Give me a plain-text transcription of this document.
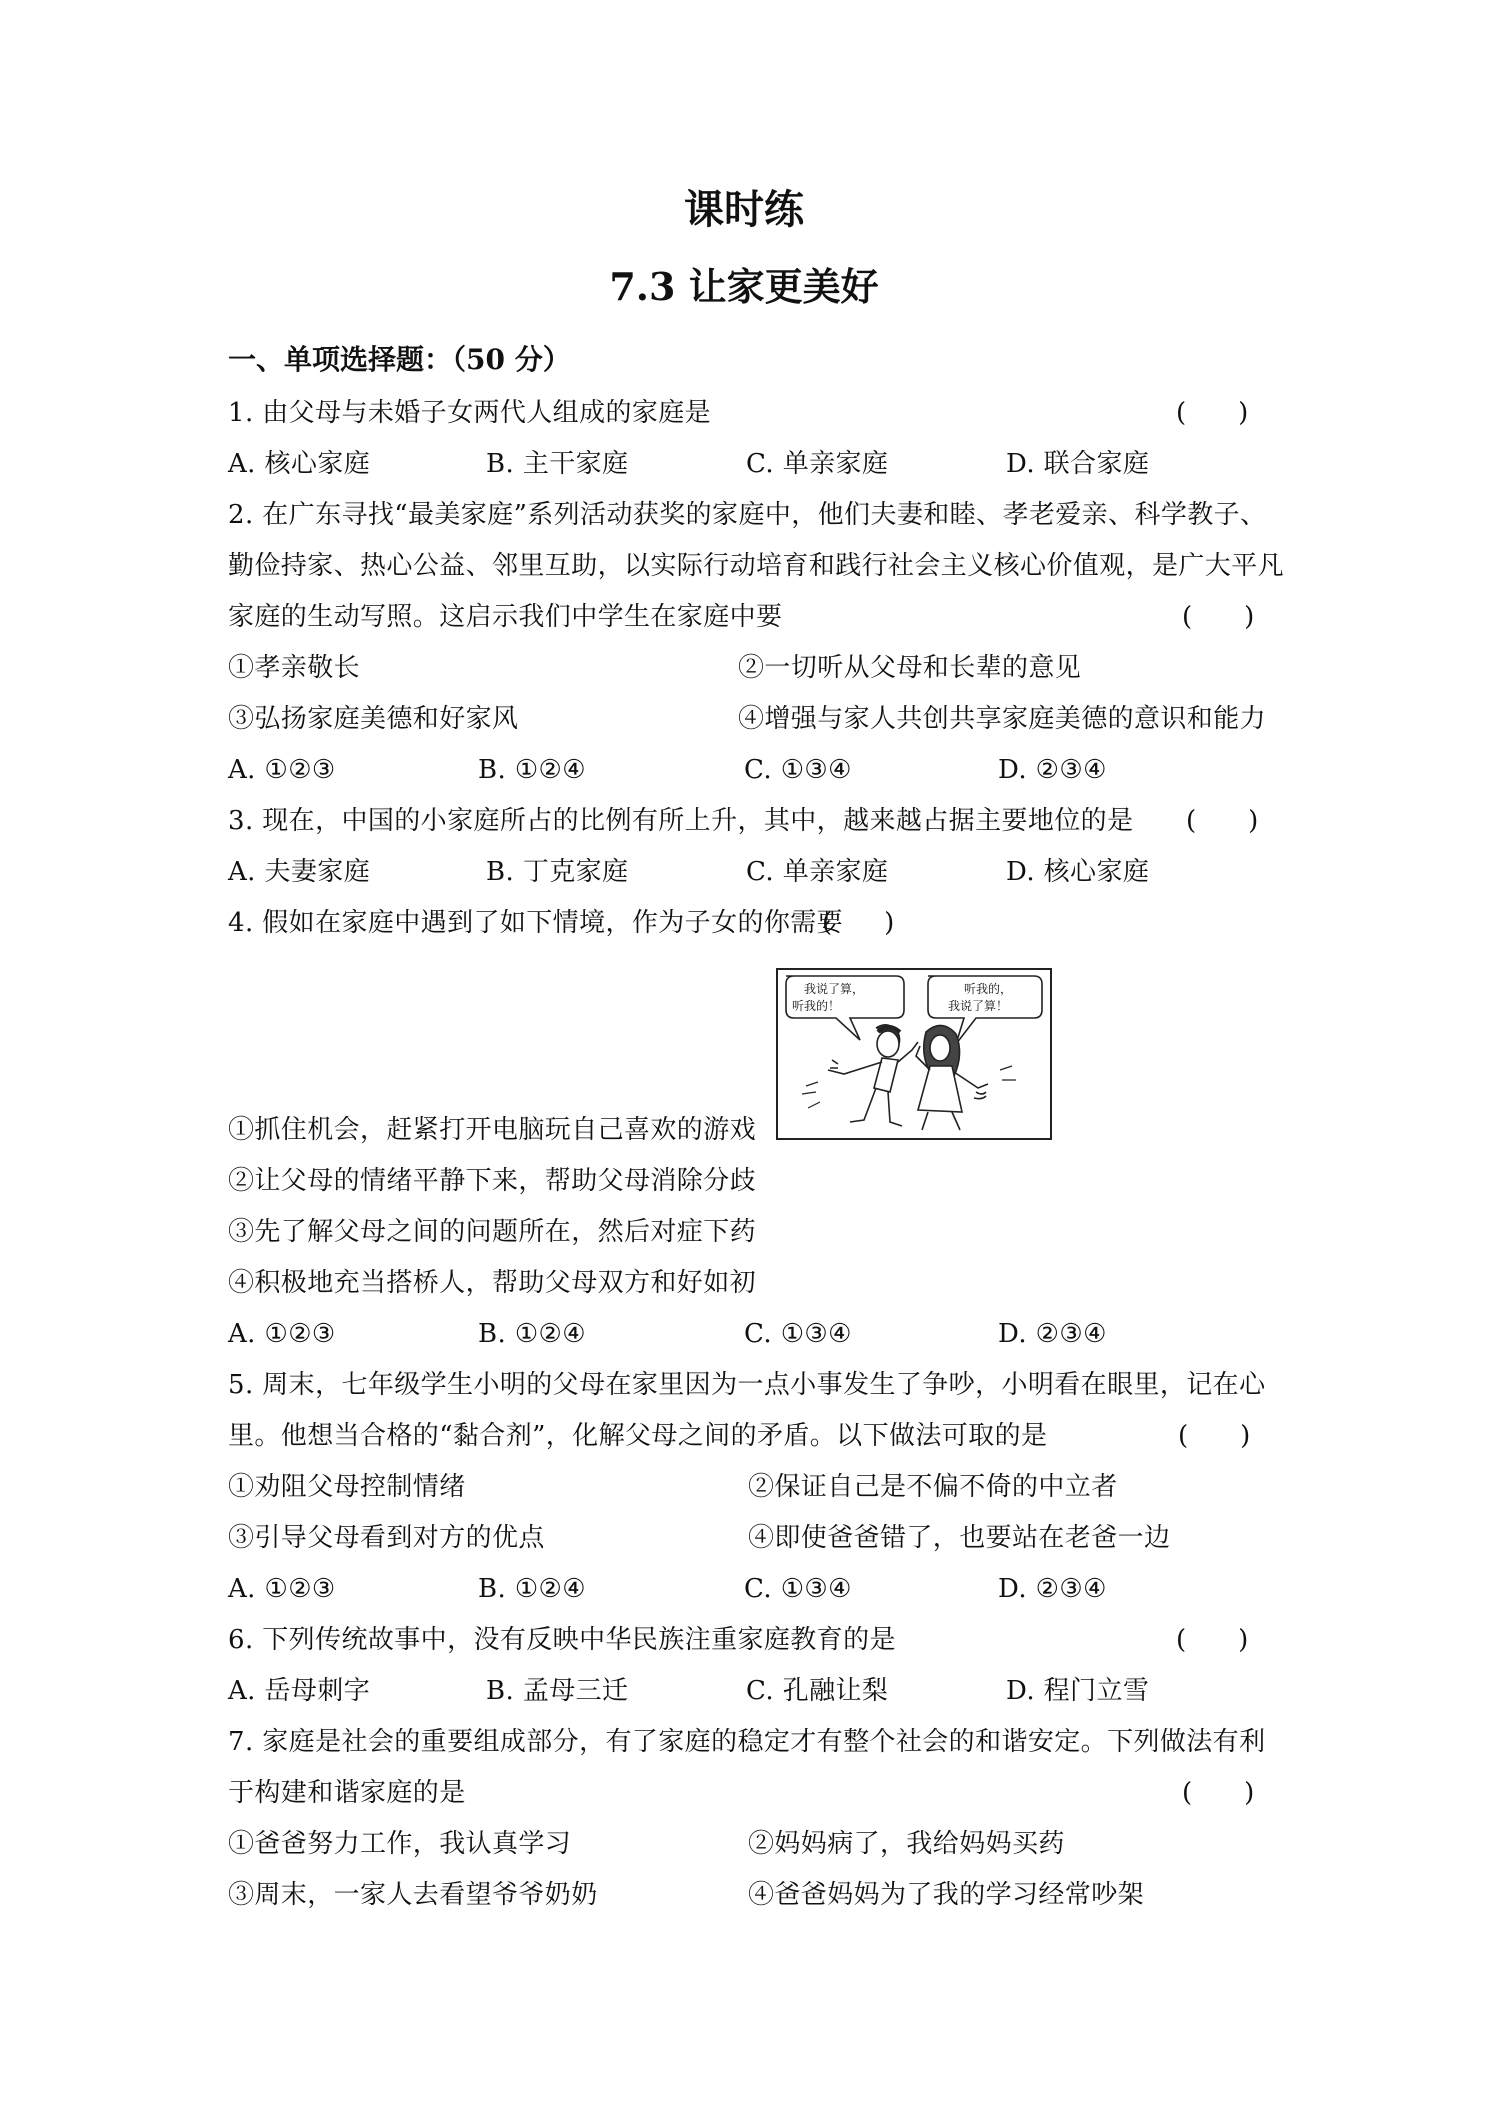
课时练
7.3 让家更美好
一、单项选择题：（50 分）
1. 由父母与未婚子女两代人组成的家庭是	(　　)
A. 核心家庭	B. 主干家庭	C. 单亲家庭	D. 联合家庭
2. 在广东寻找“最美家庭”系列活动获奖的家庭中，他们夫妻和睦、孝老爱亲、科学教子、
勤俭持家、热心公益、邻里互助，以实际行动培育和践行社会主义核心价值观，是广大平凡
家庭的生动写照。这启示我们中学生在家庭中要	(　　)
①孝亲敬长	②一切听从父母和长辈的意见
③弘扬家庭美德和好家风	④增强与家人共创共享家庭美德的意识和能力
A. ①②③	B. ①②④	C. ①③④	D. ②③④
3. 现在，中国的小家庭所占的比例有所上升，其中，越来越占据主要地位的是 (　　)
A. 夫妻家庭	B. 丁克家庭	C. 单亲家庭	D. 核心家庭
4. 假如在家庭中遇到了如下情境，作为子女的你需要
(　　)
我说了算，
听我的！
听我的，
我说了算！
①抓住机会，赶紧打开电脑玩自己喜欢的游戏
②让父母的情绪平静下来，帮助父母消除分歧
③先了解父母之间的问题所在，然后对症下药
④积极地充当搭桥人，帮助父母双方和好如初
A. ①②③	B. ①②④	C. ①③④	D. ②③④
5. 周末，七年级学生小明的父母在家里因为一点小事发生了争吵，小明看在眼里，记在心
里。他想当合格的“黏合剂”，化解父母之间的矛盾。以下做法可取的是	(　　)
①劝阻父母控制情绪	②保证自己是不偏不倚的中立者
③引导父母看到对方的优点	④即使爸爸错了，也要站在老爸一边
A. ①②③	B. ①②④	C. ①③④	D. ②③④
6. 下列传统故事中，没有反映中华民族注重家庭教育的是	(　　)
A. 岳母刺字	B. 孟母三迁	C. 孔融让梨	D. 程门立雪
7. 家庭是社会的重要组成部分，有了家庭的稳定才有整个社会的和谐安定。下列做法有利
于构建和谐家庭的是	(　　)
①爸爸努力工作，我认真学习	②妈妈病了，我给妈妈买药
③周末，一家人去看望爷爷奶奶	④爸爸妈妈为了我的学习经常吵架
